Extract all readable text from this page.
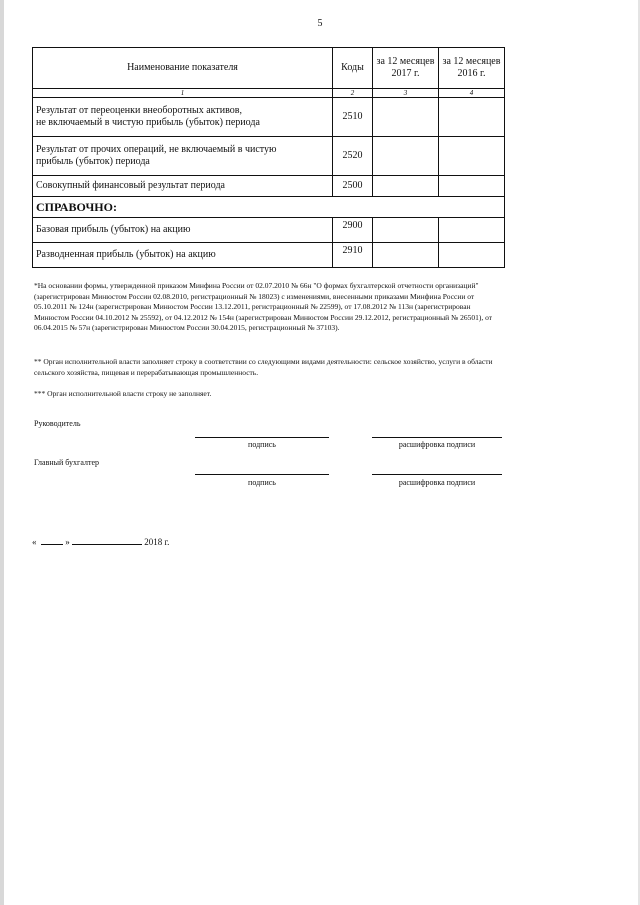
5
Наименование показателя	Коды	за 12 месяцев 2017 г.	за 12 месяцев 2016 г.
1	2	3	4

Результат от переоценки внеоборотных активов,
не включаемый в чистую прибыль (убыток) периода	2510		

Результат от прочих операций, не включаемый в чистую
прибыль (убыток) периода	2520		
Совокупный финансовый результат периода	2500		
СПРАВОЧНО:			
Базовая прибыль (убыток) на акцию	2900		
Разводненная прибыль (убыток) на акцию	2910		
*На основании формы, утвержденной приказом Минфина России от 02.07.2010 № 66н "О формах бухгалтерской отчетности организаций" (зарегистрирован Минюстом России 02.08.2010, регистрационный № 18023) с изменениями, внесенными приказами Минфина России от 05.10.2011 № 124н (зарегистрирован Минюстом России 13.12.2011, регистрационный № 22599), от 17.08.2012 № 113н (зарегистрирован Минюстом России 04.10.2012 № 25592), от 04.12.2012 № 154н (зарегистрирован Минюстом России 29.12.2012, регистрационный № 26501), от 06.04.2015 № 57н (зарегистрирован Минюстом России 30.04.2015, регистрационный № 37103).
** Орган исполнительной власти заполняет строку в соответствии со следующими видами деятельности: сельское хозяйство, услуги в области сельского хозяйства, пищевая и перерабатывающая промышленность.
*** Орган исполнительной власти строку не заполняет.
Руководитель
подпись	расшифровка подписи
Главный бухгалтер
подпись	расшифровка подписи
«	»	2018 г.
